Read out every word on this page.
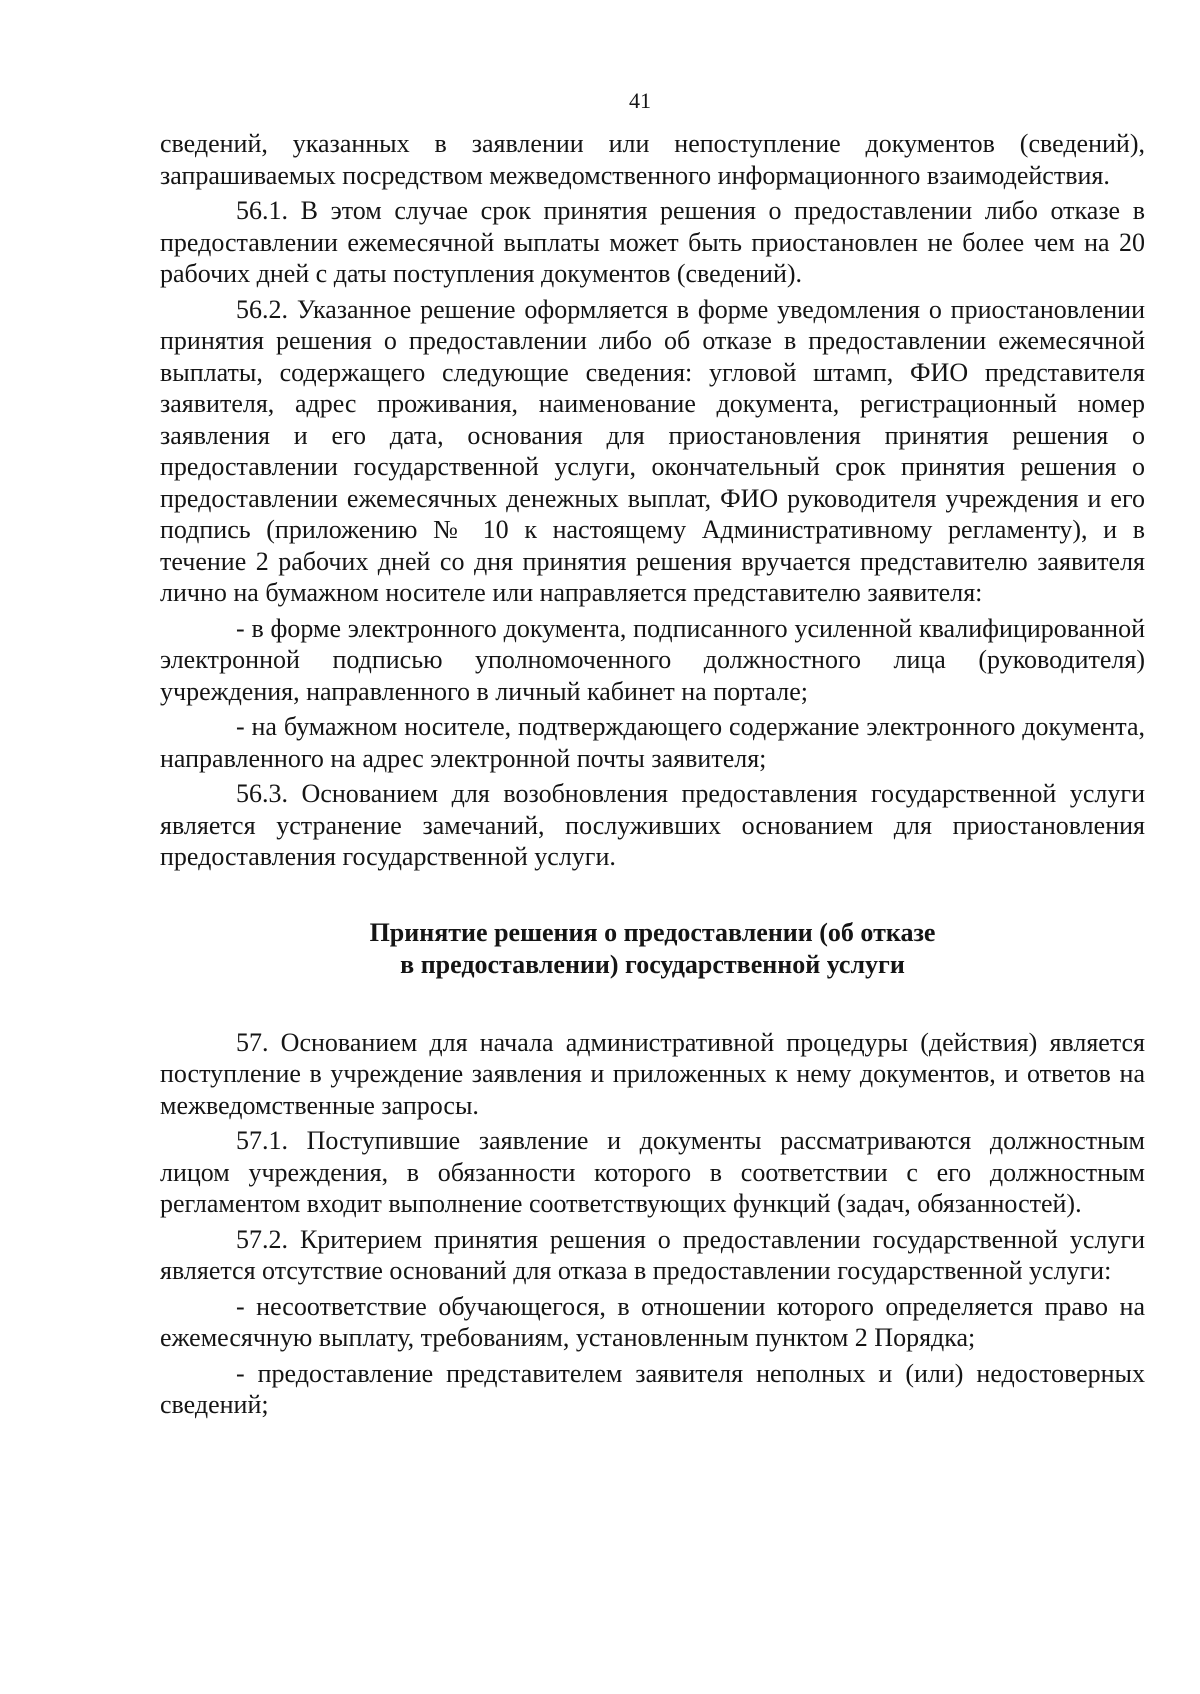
41

сведений, указанных в заявлении или непоступление документов (сведений), запрашиваемых посредством межведомственного информационного взаимодействия.

56.1. В этом случае срок принятия решения о предоставлении либо отказе в предоставлении ежемесячной выплаты может быть приостановлен не более чем на 20 рабочих дней с даты поступления документов (сведений).

56.2. Указанное решение оформляется в форме уведомления о приостановлении принятия решения о предоставлении либо об отказе в предоставлении ежемесячной выплаты, содержащего следующие сведения: угловой штамп, ФИО представителя заявителя, адрес проживания, наименование документа, регистрационный номер заявления и его дата, основания для приостановления принятия решения о предоставлении государственной услуги, окончательный срок принятия решения о предоставлении ежемесячных денежных выплат, ФИО руководителя учреждения и его подпись (приложению № 10 к настоящему Административному регламенту), и в течение 2 рабочих дней со дня принятия решения вручается представителю заявителя лично на бумажном носителе или направляется представителю заявителя:

- в форме электронного документа, подписанного усиленной квалифицированной электронной подписью уполномоченного должностного лица (руководителя) учреждения, направленного в личный кабинет на портале;

- на бумажном носителе, подтверждающего содержание электронного документа, направленного на адрес электронной почты заявителя;

56.3. Основанием для возобновления предоставления государственной услуги является устранение замечаний, послуживших основанием для приостановления предоставления государственной услуги.

Принятие решения о предоставлении (об отказе
в предоставлении) государственной услуги

57. Основанием для начала административной процедуры (действия) является поступление в учреждение заявления и приложенных к нему документов, и ответов на межведомственные запросы.

57.1. Поступившие заявление и документы рассматриваются должностным лицом учреждения, в обязанности которого в соответствии с его должностным регламентом входит выполнение соответствующих функций (задач, обязанностей).

57.2. Критерием принятия решения о предоставлении государственной услуги является отсутствие оснований для отказа в предоставлении государственной услуги:

- несоответствие обучающегося, в отношении которого определяется право на ежемесячную выплату, требованиям, установленным пунктом 2 Порядка;

- предоставление представителем заявителя неполных и (или) недостоверных сведений;
